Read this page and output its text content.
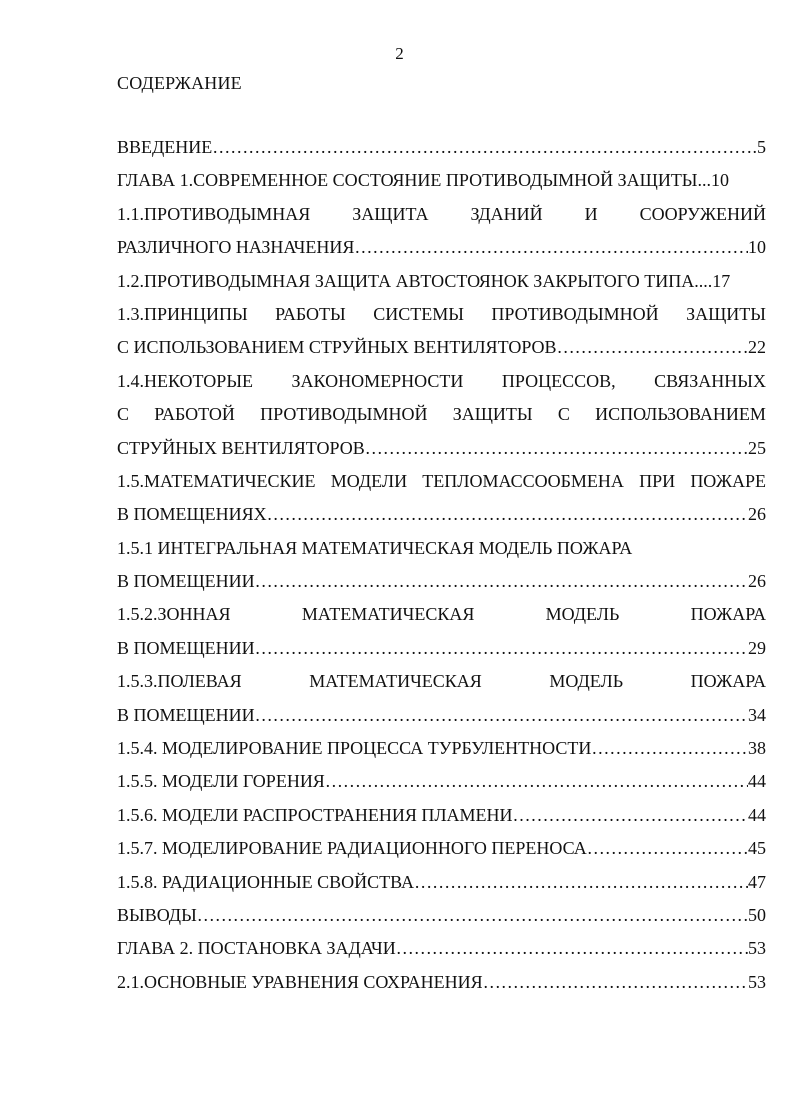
2
СОДЕРЖАНИЕ
ВВЕДЕНИЕ ……………………………………………………………………………………………………………………………………………………………………………	.5
ГЛАВА 1.СОВРЕМЕННОЕ СОСТОЯНИЕ ПРОТИВОДЫМНОЙ ЗАЩИТЫ...10
1.1.ПРОТИВОДЫМНАЯ ЗАЩИТА ЗДАНИЙ И СООРУЖЕНИЙ
РАЗЛИЧНОГО НАЗНАЧЕНИЯ ……………………………………………………………………………………………………………………………………………………………………………	10
1.2.ПРОТИВОДЫМНАЯ ЗАЩИТА АВТОСТОЯНОК ЗАКРЫТОГО ТИПА....17
1.3.ПРИНЦИПЫ РАБОТЫ СИСТЕМЫ ПРОТИВОДЫМНОЙ ЗАЩИТЫ
С ИСПОЛЬЗОВАНИЕМ СТРУЙНЫХ ВЕНТИЛЯТОРОВ ……………………………………………………………………………………………………………………………………………………………………………	22
1.4.НЕКОТОРЫЕ ЗАКОНОМЕРНОСТИ ПРОЦЕССОВ, СВЯЗАННЫХ
С РАБОТОЙ ПРОТИВОДЫМНОЙ ЗАЩИТЫ С ИСПОЛЬЗОВАНИЕМ
СТРУЙНЫХ ВЕНТИЛЯТОРОВ ……………………………………………………………………………………………………………………………………………………………………………	25
1.5.МАТЕМАТИЧЕСКИЕ МОДЕЛИ ТЕПЛОМАССООБМЕНА ПРИ ПОЖАРЕ
В ПОМЕЩЕНИЯХ ……………………………………………………………………………………………………………………………………………………………………………	26
1.5.1 ИНТЕГРАЛЬНАЯ МАТЕМАТИЧЕСКАЯ МОДЕЛЬ ПОЖАРА
В ПОМЕЩЕНИИ ……………………………………………………………………………………………………………………………………………………………………………	26
1.5.2.ЗОННАЯ	МАТЕМАТИЧЕСКАЯ	МОДЕЛЬ	ПОЖАРА
В ПОМЕЩЕНИИ ……………………………………………………………………………………………………………………………………………………………………………	29
1.5.3.ПОЛЕВАЯ	МАТЕМАТИЧЕСКАЯ	МОДЕЛЬ	ПОЖАРА
В ПОМЕЩЕНИИ ……………………………………………………………………………………………………………………………………………………………………………	34
1.5.4. МОДЕЛИРОВАНИЕ ПРОЦЕССА ТУРБУЛЕНТНОСТИ ……………………………………………………………………………………………………………………………………………………………………………	38
1.5.5. МОДЕЛИ ГОРЕНИЯ ……………………………………………………………………………………………………………………………………………………………………………	44
1.5.6. МОДЕЛИ РАСПРОСТРАНЕНИЯ ПЛАМЕНИ ……………………………………………………………………………………………………………………………………………………………………………	44
1.5.7. МОДЕЛИРОВАНИЕ РАДИАЦИОННОГО ПЕРЕНОСА ……………………………………………………………………………………………………………………………………………………………………………	45
1.5.8. РАДИАЦИОННЫЕ СВОЙСТВА ……………………………………………………………………………………………………………………………………………………………………………	47
ВЫВОДЫ ……………………………………………………………………………………………………………………………………………………………………………	50
ГЛАВА 2. ПОСТАНОВКА ЗАДАЧИ ……………………………………………………………………………………………………………………………………………………………………………	53
2.1.ОСНОВНЫЕ УРАВНЕНИЯ СОХРАНЕНИЯ ……………………………………………………………………………………………………………………………………………………………………………	53
